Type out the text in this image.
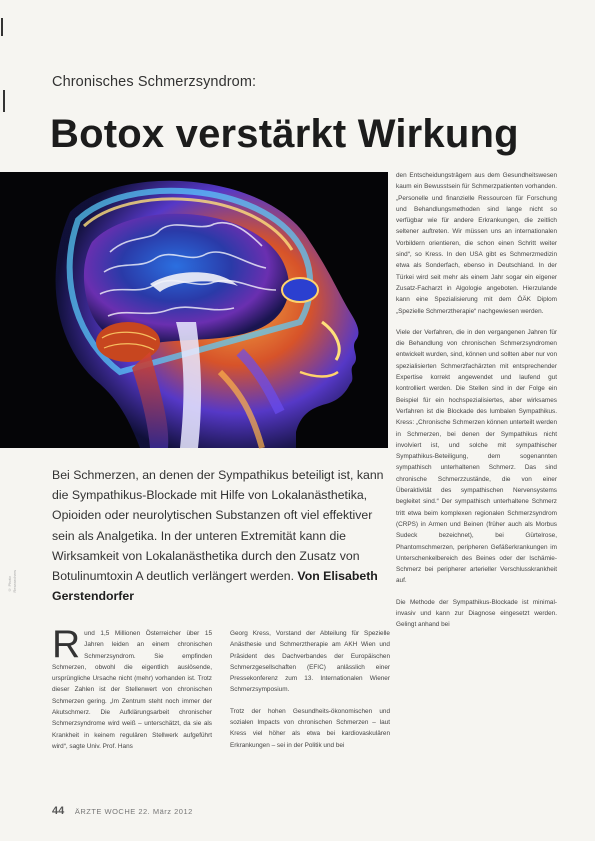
Chronisches Schmerzsyndrom:
Botox verstärkt Wirkung
© Photo Researchers
Bei Schmerzen, an denen der Sympathikus beteiligt ist, kann die Sympathikus-Blockade mit Hilfe von Lokalanästhetika, Opioiden oder neurolytischen Substanzen oft viel effektiver sein als Analgetika. In der unteren Extremität kann die Wirksamkeit von Lokalanästhetika durch den Zusatz von Botulinumtoxin A deutlich verlängert werden. Von Elisabeth Gerstendorfer

den Entscheidungsträgern aus dem Gesundheitswesen kaum ein Bewusstsein für Schmerzpatienten vorhanden. „Personelle und finanzielle Ressourcen für Forschung und Behandlungsmethoden sind lange nicht so verfügbar wie für andere Erkrankungen, die zeitlich seltener auftreten. Wir müssen uns an internationalen Vorbildern orientieren, die schon einen Schritt weiter sind“, so Kress. In den USA gibt es Schmerzmedizin etwa als Sonderfach, ebenso in Deutschland. In der Türkei wird seit mehr als einem Jahr sogar ein eigener Zusatz-Facharzt in Algologie angeboten. Hierzulande kann eine Spezialisierung mit dem ÖÄK Diplom „Spezielle Schmerztherapie“ nachgewiesen werden.

Viele der Verfahren, die in den vergangenen Jahren für die Behandlung von chronischen Schmerzsyndromen entwickelt wurden, sind, können und sollten aber nur von spezialisierten Schmerzfachärzten mit entsprechender Expertise korrekt angewendet und laufend gut kontrolliert werden. Die Stellen sind in der Folge ein Beispiel für ein hochspezialisiertes, aber wirksames Verfahren ist die Blockade des lumbalen Sympathikus. Kress: „Chronische Schmerzen können unterteilt werden in Schmerzen, bei denen der Sympathikus nicht involviert ist, und solche mit sympathischer Sympathikus-Beteiligung, dem sogenannten sympathisch unterhaltenen Schmerz. Das sind chronische Schmerzzustände, die von einer Überaktivität des sympathischen Nervensystems begleitet sind.“ Der sympathisch unterhaltene Schmerz tritt etwa beim komplexen regionalen Schmerzsyndrom (CRPS) in Armen und Beinen (früher auch als Morbus Sudeck bezeichnet), bei Gürtelrose, Phantomschmerzen, peripheren Gefäßerkrankungen im Unterschenkelbereich des Beines oder der Ischämie-Schmerz bei peripherer arterieller Verschlusskrankheit auf.

Die Methode der Sympathikus-Blockade ist minimal-invasiv und kann zur Diagnose eingesetzt werden. Gelingt anhand bei

R und 1,5 Millionen Österreicher über 15 Jahren leiden an einem chronischen Schmerzsyndrom. Sie empfinden Schmerzen, obwohl die eigentlich auslösende, ursprüngliche Ursache nicht (mehr) vorhanden ist. Trotz dieser Zahlen ist der Stellenwert von chronischen Schmerzen gering. „Im Zentrum steht noch immer der Akutschmerz. Die Aufklärungsarbeit chronischer Schmerzsyndrome wird weiß – unterschätzt, da sie als Krankheit in keinem regulären Stellwerk aufgeführt wird“, sagte Univ. Prof. Hans

Georg Kress, Vorstand der Abteilung für Spezielle Anästhesie und Schmerztherapie am AKH Wien und Präsident des Dachverbandes der Europäischen Schmerzgesellschaften (EFIC) anlässlich einer Pressekonferenz zum 13. Internationalen Wiener Schmerzsymposium.

Trotz der hohen Gesundheits-ökonomischen und sozialen Impacts von chronischen Schmerzen – laut Kress viel höher als etwa bei kardiovaskulären Erkrankungen – sei in der Politik und bei

44 ÄRZTE WOCHE 22. März 2012
